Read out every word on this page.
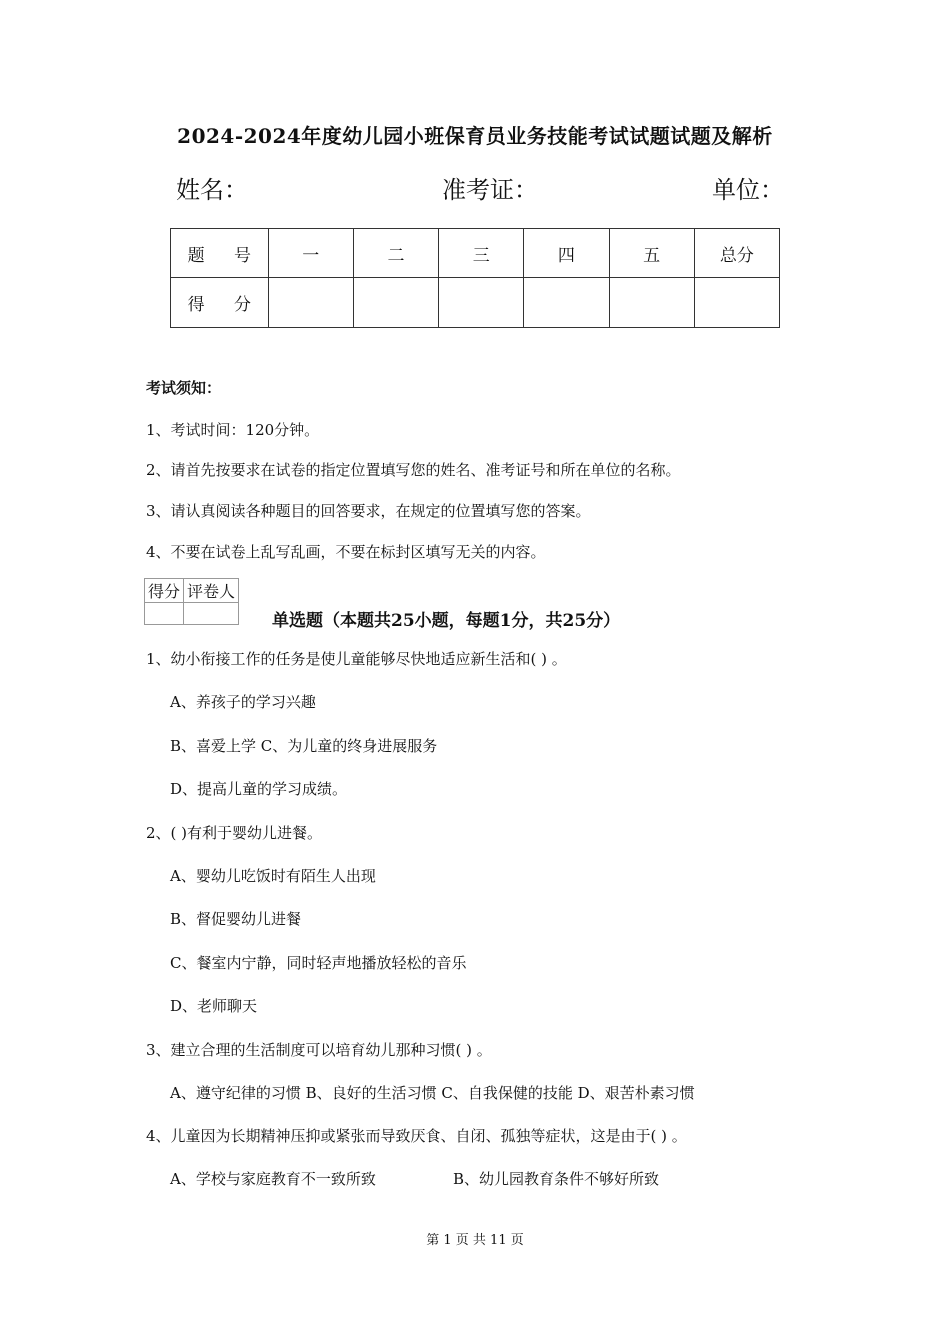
2024-2024年度幼儿园小班保育员业务技能考试试题试题及解析
姓名：	准考证：	单位：
题 号	一	二	三	四	五	总分
得 分						
考试须知：
1、考试时间：120分钟。
2、请首先按要求在试卷的指定位置填写您的姓名、准考证号和所在单位的名称。
3、请认真阅读各种题目的回答要求，在规定的位置填写您的答案。
4、不要在试卷上乱写乱画，不要在标封区填写无关的内容。
得分	评卷人

单选题（本题共25小题，每题1分，共25分）
1、幼小衔接工作的任务是使儿童能够尽快地适应新生活和( ) 。
A、养孩子的学习兴趣
B、喜爱上学 C、为儿童的终身进展服务
D、提高儿童的学习成绩。
2、( )有利于婴幼儿进餐。
A、婴幼儿吃饭时有陌生人出现
B、督促婴幼儿进餐
C、餐室内宁静，同时轻声地播放轻松的音乐
D、老师聊天
3、建立合理的生活制度可以培育幼儿那种习惯( ) 。
A、遵守纪律的习惯 B、良好的生活习惯 C、自我保健的技能 D、艰苦朴素习惯
4、儿童因为长期精神压抑或紧张而导致厌食、自闭、孤独等症状，这是由于( ) 。
A、学校与家庭教育不一致所致	B、幼儿园教育条件不够好所致
第 1 页 共 11 页
